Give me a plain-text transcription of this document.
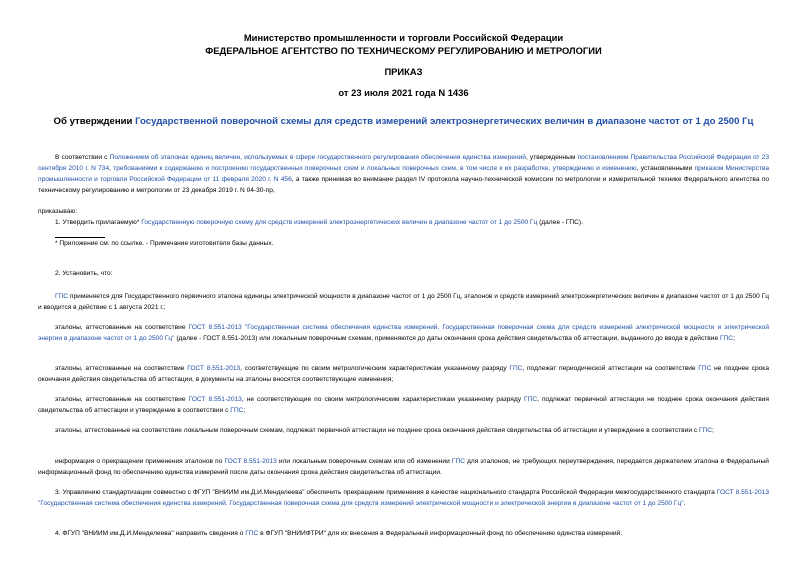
Министерство промышленности и торговли Российской Федерации
ФЕДЕРАЛЬНОЕ АГЕНТСТВО ПО ТЕХНИЧЕСКОМУ РЕГУЛИРОВАНИЮ И МЕТРОЛОГИИ
ПРИКАЗ
от 23 июля 2021 года N 1436
Об утверждении Государственной поверочной схемы для средств измерений электроэнергетических величин в диапазоне частот от 1 до 2500 Гц
В соответствии с Положением об эталонах единиц величин, используемых в сфере государственного регулирования обеспечения единства измерений, утвержденным постановлением Правительства Российской Федерации от 23 сентября 2010 г. N 734, требованиями к содержанию и построению государственных поверочных схем и локальных поверочных схем, в том числе к их разработке, утверждению и изменению, установленными приказом Министерства промышленности и торговли Российской Федерации от 11 февраля 2020 г. N 456, а также принимая во внимание раздел IV протокола научно-технической комиссии по метрологии и измерительной технике Федерального агентства по техническому регулированию и метрологии от 23 декабря 2019 г. N 04-30-пр,
приказываю:
1. Утвердить прилагаемую* Государственную поверочную схему для средств измерений электроэнергетических величин в диапазоне частот от 1 до 2500 Гц (далее - ГПС).
* Приложение см. по ссылке. - Примечание изготовителя базы данных.
2. Установить, что:
ГПС применяется для Государственного первичного эталона единицы электрической мощности в диапазоне частот от 1 до 2500 Гц, эталонов и средств измерений электроэнергетических величин в диапазоне частот от 1 до 2500 Гц и вводится в действие с 1 августа 2021 г.;
эталоны, аттестованные на соответствие ГОСТ 8.551-2013 "Государственная система обеспечения единства измерений. Государственная поверочная схема для средств измерений электрической мощности и электрической энергии в диапазоне частот от 1 до 2500 Гц" (далее - ГОСТ 8.551-2013) или локальным поверочным схемам, применяются до даты окончания срока действия свидетельства об аттестации, выданного до ввода в действие ГПС;
эталоны, аттестованные на соответствие ГОСТ 8.551-2013, соответствующие по своим метрологическим характеристикам указанному разряду ГПС, подлежат периодической аттестации на соответствие ГПС не позднее срока окончания действия свидетельства об аттестации, в документы на эталоны вносятся соответствующие изменения;
эталоны, аттестованные на соответствие ГОСТ 8.551-2013, не соответствующие по своим метрологическим характеристикам указанному разряду ГПС, подлежат первичной аттестации не позднее срока окончания действия свидетельства об аттестации и утверждение в соответствии с ГПС;
эталоны, аттестованные на соответствие локальным поверочным схемам, подлежат первичной аттестации не позднее срока окончания действия свидетельства об аттестации и утверждение в соответствии с ГПС;
информация о прекращении применения эталонов по ГОСТ 8.551-2013 или локальным поверочным схемам или об изменении ГПС для эталонов, не требующих переутверждения, передается держателем эталона в Федеральный информационный фонд по обеспечению единства измерений после даты окончания срока действия свидетельства об аттестации.
3. Управлению стандартизации совместно с ФГУП "ВНИИМ им.Д.И.Менделеева" обеспечить прекращение применения в качестве национального стандарта Российской Федерации межгосударственного стандарта ГОСТ 8.551-2013 "Государственная система обеспечения единства измерений. Государственная поверочная схема для средств измерений электрической мощности и электрической энергии в диапазоне частот от 1 до 2500 Гц".
4. ФГУП "ВНИИМ им.Д.И.Менделеева" направить сведения о ГПС в ФГУП "ВНИИФТРИ" для их внесения в Федеральный информационный фонд по обеспечению единства измерений.
